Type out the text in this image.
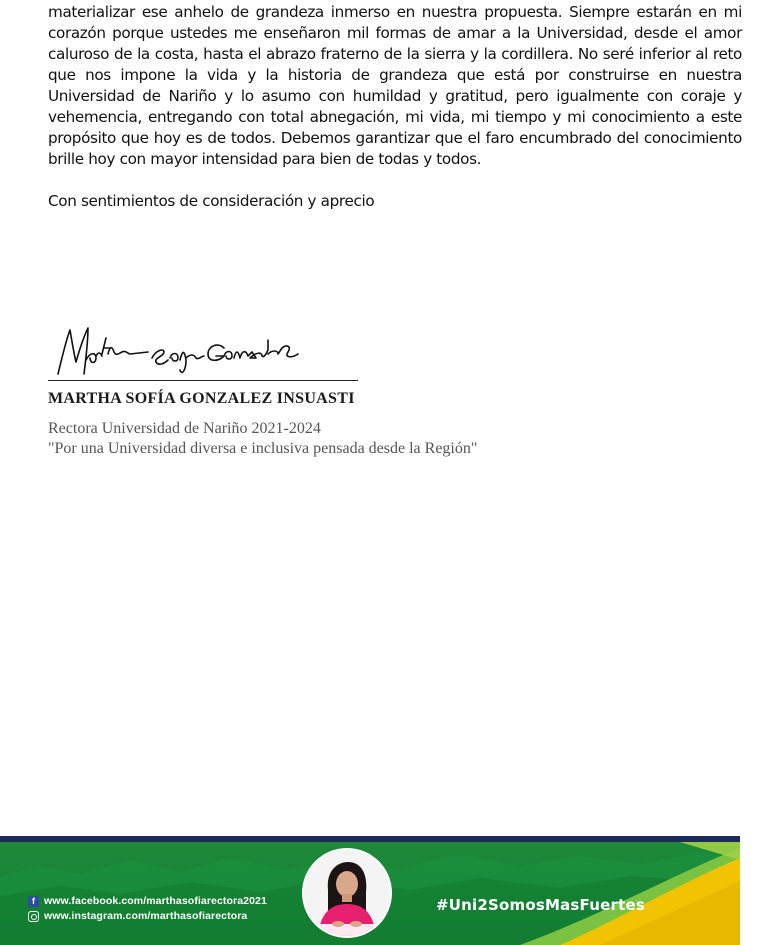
materializar ese anhelo de grandeza inmerso en nuestra propuesta. Siempre estarán en mi corazón porque ustedes me enseñaron mil formas de amar a la Universidad, desde el amor caluroso de la costa, hasta el abrazo fraterno de la sierra y la cordillera. No seré inferior al reto que nos impone la vida y la historia de grandeza que está por construirse en nuestra Universidad de Nariño y lo asumo con humildad y gratitud, pero igualmente con coraje y vehemencia, entregando con total abnegación, mi vida, mi tiempo y mi conocimiento a este propósito que hoy es de todos. Debemos garantizar que el faro encumbrado del conocimiento brille hoy con mayor intensidad para bien de todas y todos.
Con sentimientos de consideración y aprecio
MARTHA SOFÍA GONZALEZ INSUASTI
Rectora Universidad de Nariño 2021-2024
"Por una Universidad diversa e inclusiva pensada desde la Región"
f www.facebook.com/marthasofiarectora2021
www.instagram.com/marthasofiarectora
#Uni2SomosMasFuertes
